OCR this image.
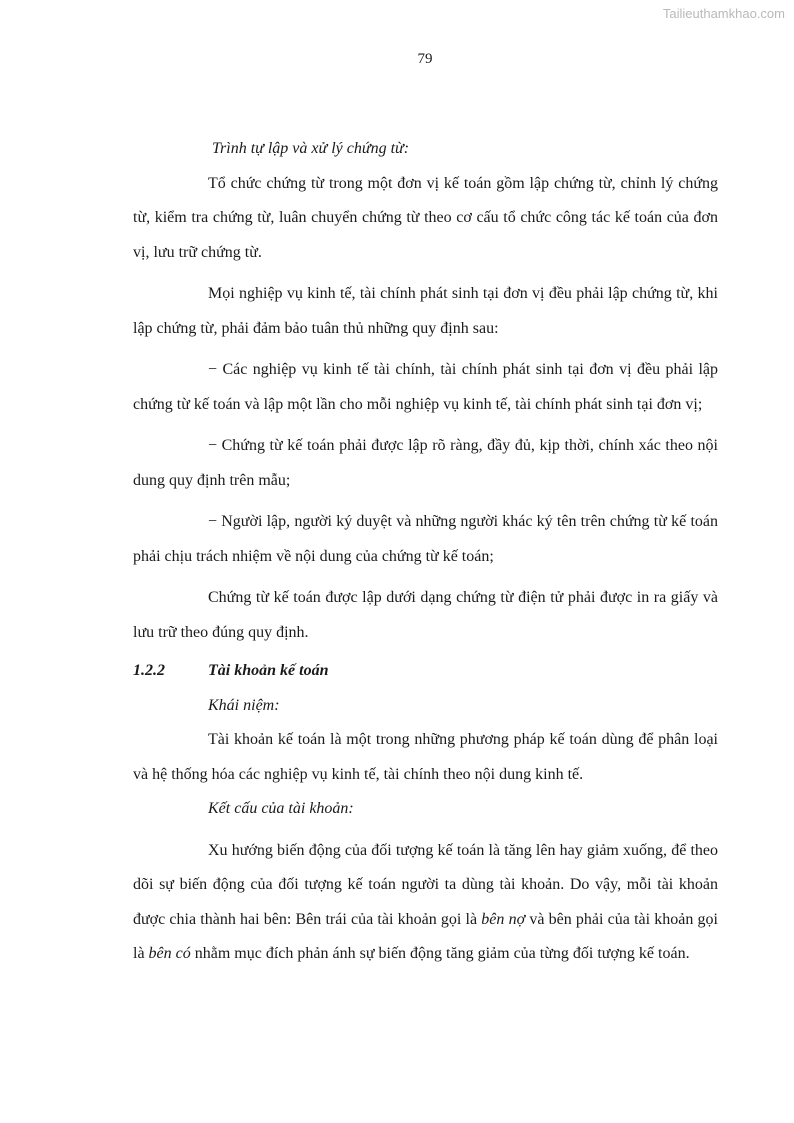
Tailieuthamkhao.com
79

Trình tự lập và xử lý chứng từ:

Tổ chức chứng từ trong một đơn vị kế toán gồm lập chứng từ, chỉnh lý chứng từ, kiểm tra chứng từ, luân chuyển chứng từ theo cơ cấu tổ chức công tác kế toán của đơn vị, lưu trữ chứng từ.

Mọi nghiệp vụ kinh tế, tài chính phát sinh tại đơn vị đều phải lập chứng từ, khi lập chứng từ, phải đảm bảo tuân thủ những quy định sau:

− Các nghiệp vụ kinh tế tài chính, tài chính phát sinh tại đơn vị đều phải lập chứng từ kế toán và lập một lần cho mỗi nghiệp vụ kinh tế, tài chính phát sinh tại đơn vị;

− Chứng từ kế toán phải được lập rõ ràng, đầy đủ, kịp thời, chính xác theo nội dung quy định trên mẫu;

− Người lập, người ký duyệt và những người khác ký tên trên chứng từ kế toán phải chịu trách nhiệm về nội dung của chứng từ kế toán;

Chứng từ kế toán được lập dưới dạng chứng từ điện tử phải được in ra giấy và lưu trữ theo đúng quy định.

1.2.2	Tài khoản kế toán

Khái niệm:

Tài khoản kế toán là một trong những phương pháp kế toán dùng để phân loại và hệ thống hóa các nghiệp vụ kinh tế, tài chính theo nội dung kinh tế.

Kết cấu của tài khoản:

Xu hướng biến động của đối tượng kế toán là tăng lên hay giảm xuống, để theo dõi sự biến động của đối tượng kế toán người ta dùng tài khoản. Do vậy, mỗi tài khoản được chia thành hai bên: Bên trái của tài khoản gọi là bên nợ và bên phải của tài khoản gọi là bên có nhằm mục đích phản ánh sự biến động tăng giảm của từng đối tượng kế toán.
